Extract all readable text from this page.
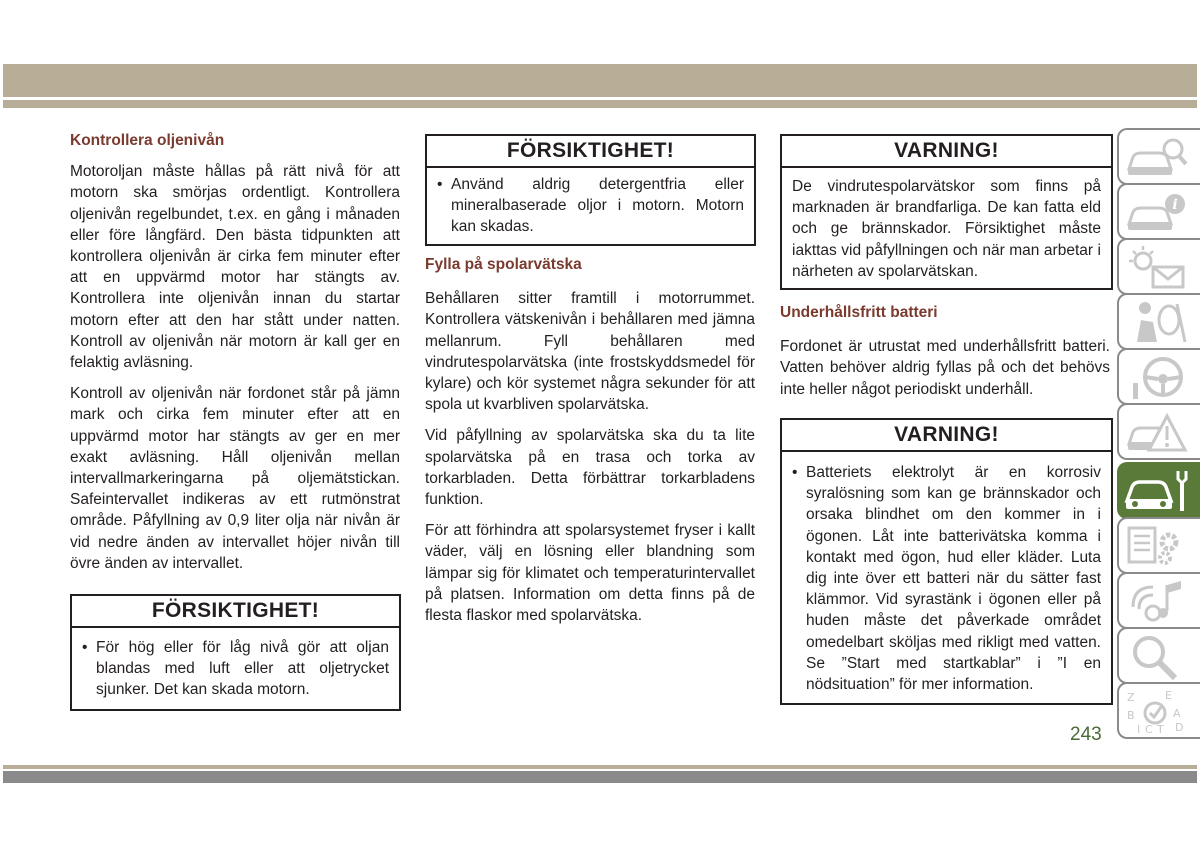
Kontrollera oljenivån

Motoroljan måste hållas på rätt nivå för att motorn ska smörjas ordentligt. Kontrollera oljenivån regelbundet, t.ex. en gång i månaden eller före långfärd. Den bästa tidpunkten att kontrollera oljenivån är cirka fem minuter efter att en uppvärmd motor har stängts av. Kontrollera inte oljenivån innan du startar motorn efter att den har stått under natten. Kontroll av oljenivån när motorn är kall ger en felaktig avläsning.

Kontroll av oljenivån när fordonet står på jämn mark och cirka fem minuter efter att en uppvärmd motor har stängts av ger en mer exakt avläsning. Håll oljenivån mellan intervallmarkeringarna på oljemätstickan. Safeintervallet indikeras av ett rutmönstrat område. Påfyllning av 0,9 liter olja när nivån är vid nedre änden av intervallet höjer nivån till övre änden av intervallet.

FÖRSIKTIGHET!
• För hög eller för låg nivå gör att oljan blandas med luft eller att oljetrycket sjunker. Det kan skada motorn.
FÖRSIKTIGHET!
• Använd aldrig detergentfria eller mineralbaserade oljor i motorn. Motorn kan skadas.
Fylla på spolarvätska

Behållaren sitter framtill i motorrummet. Kontrollera vätskenivån i behållaren med jämna mellanrum. Fyll behållaren med vindrutespolarvätska (inte frostskyddsmedel för kylare) och kör systemet några sekunder för att spola ut kvarbliven spolarvätska.

Vid påfyllning av spolarvätska ska du ta lite spolarvätska på en trasa och torka av torkarbladen. Detta förbättrar torkarbladens funktion.

För att förhindra att spolarsystemet fryser i kallt väder, välj en lösning eller blandning som lämpar sig för klimatet och temperaturintervallet på platsen. Information om detta finns på de flesta flaskor med spolarvätska.

VARNING!
De vindrutespolarvätskor som finns på marknaden är brandfarliga. De kan fatta eld och ge brännskador. Försiktighet måste iakttas vid påfyllningen och när man arbetar i närheten av spolarvätskan.
Underhållsfritt batteri

Fordonet är utrustat med underhållsfritt batteri. Vatten behöver aldrig fyllas på och det behövs inte heller något periodiskt underhåll.

VARNING!
• Batteriets elektrolyt är en korrosiv syralösning som kan ge brännskador och orsaka blindhet om den kommer in i ögonen. Låt inte batterivätska komma i kontakt med ögon, hud eller kläder. Luta dig inte över ett batteri när du sätter fast klämmor. Vid syrastänk i ögonen eller på huden måste det påverkade området omedelbart sköljas med rikligt med vatten. Se ”Start med startkablar” i ”I en nödsituation” för mer information.
i
Z	E
B	A
D
I C T
243
